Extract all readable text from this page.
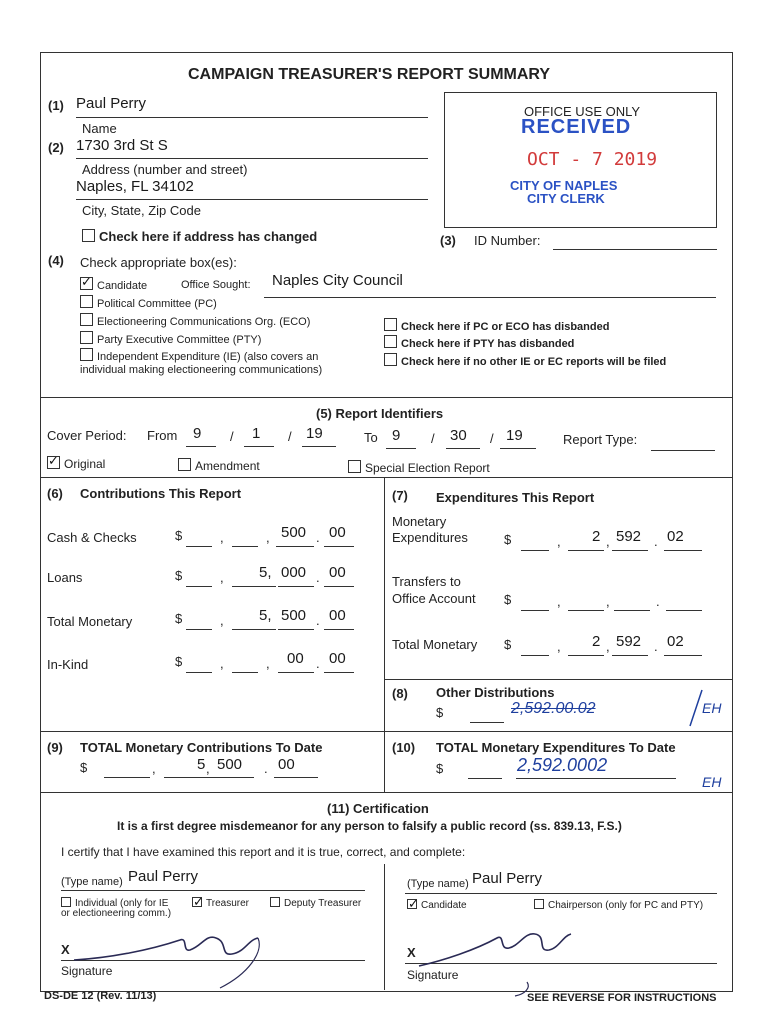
CAMPAIGN TREASURER'S REPORT SUMMARY
(1) Paul Perry
Name
(2) 1730 3rd St S
Address (number and street)
Naples, FL 34102
City, State, Zip Code
Check here if address has changed
OFFICE USE ONLY
RECEIVED
OCT - 7 2019
CITY OF NAPLES
CITY CLERK
(3) ID Number:
(4) Check appropriate box(es):
✓Candidate	Office Sought: Naples City Council
Political Committee (PC)
Electioneering Communications Org. (ECO)
Party Executive Committee (PTY)
Independent Expenditure (IE) (also covers an
individual making electioneering communications)
Check here if PC or ECO has disbanded
Check here if PTY has disbanded
Check here if no other IE or EC reports will be filed
(5) Report Identifiers
Cover Period: From 9 / 1 / 19	To 9 / 30 / 19	Report Type:
✓Original	Amendment	Special Election Report
(6) Contributions This Report
Cash & Checks	$	,	, 500 . 00
Loans	$	, 5, 000 . 00
Total Monetary	$	, 5, 500 . 00
In-Kind	$	,	, 00 . 00
(7) Expenditures This Report
Monetary
Expenditures	$	, 2 , 592 . 02
Transfers to
Office Account $	,	,	.
Total Monetary $	, 2 , 592 . 02
(8) Other Distributions
$	2,592.00.02	EH
(9) TOTAL Monetary Contributions To Date
$	,	5 , 500 . 00
(10) TOTAL Monetary Expenditures To Date
$	2,592.0002
EH
(11) Certification
It is a first degree misdemeanor for any person to falsify a public record (ss. 839.13, F.S.)
I certify that I have examined this report and it is true, correct, and complete:
(Type name) Paul Perry
Individual (only for IE
or electioneering comm.)
✓Treasurer	Deputy Treasurer
X
Signature
(Type name) Paul Perry
✓Candidate	Chairperson (only for PC and PTY)
X
Signature
DS-DE 12 (Rev. 11/13)	SEE REVERSE FOR INSTRUCTIONS
